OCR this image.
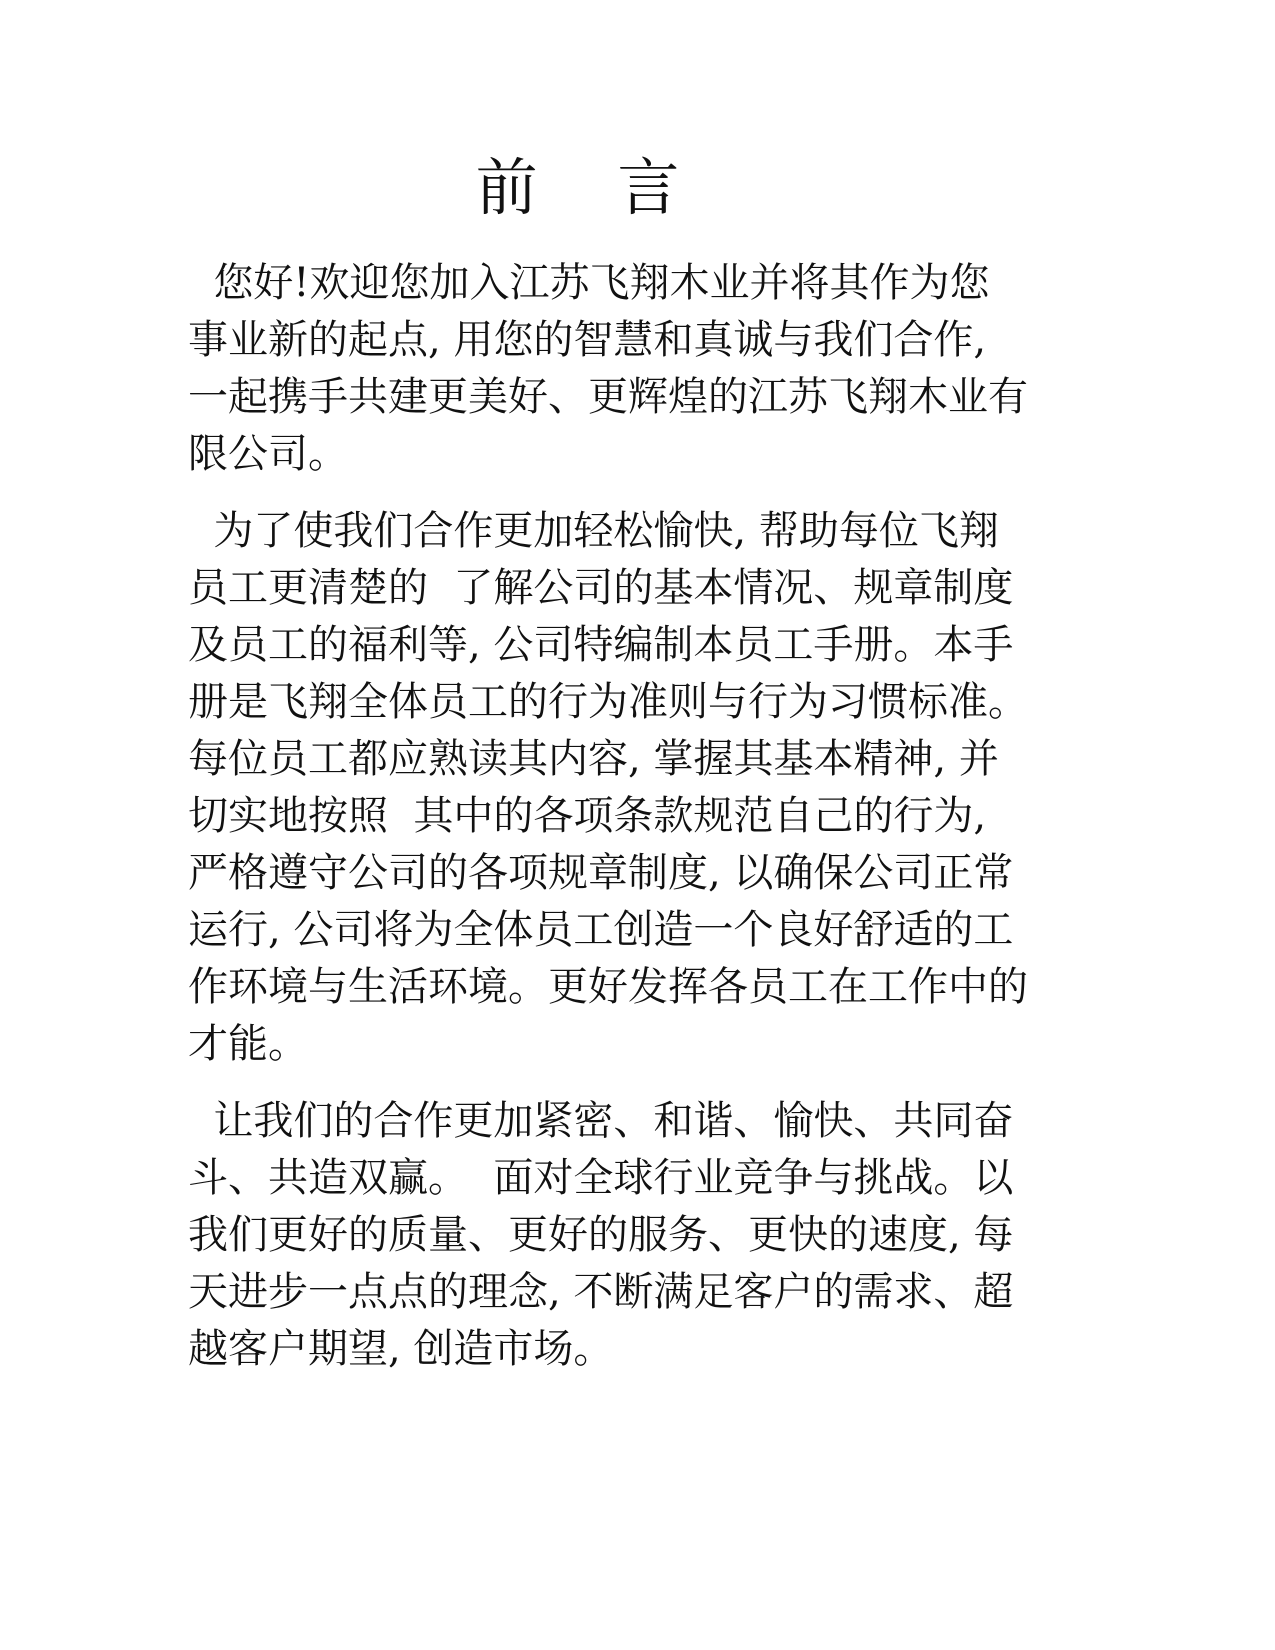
前 言
您好!欢迎您加入江苏飞翔木业并将其作为您
事业新的起点, 用您的智慧和真诚与我们合作,
一起携手共建更美好、更辉煌的江苏飞翔木业有
限公司。
为了使我们合作更加轻松愉快, 帮助每位飞翔
员工更清楚的  了解公司的基本情况、规章制度
及员工的福利等, 公司特编制本员工手册。本手
册是飞翔全体员工的行为准则与行为习惯标准。
每位员工都应熟读其内容, 掌握其基本精神, 并
切实地按照  其中的各项条款规范自己的行为,
严格遵守公司的各项规章制度, 以确保公司正常
运行, 公司将为全体员工创造一个良好舒适的工
作环境与生活环境。更好发挥各员工在工作中的
才能。
让我们的合作更加紧密、和谐、愉快、共同奋
斗、共造双赢。  面对全球行业竞争与挑战。以
我们更好的质量、更好的服务、更快的速度, 每
天进步一点点的理念, 不断满足客户的需求、超
越客户期望, 创造市场。
